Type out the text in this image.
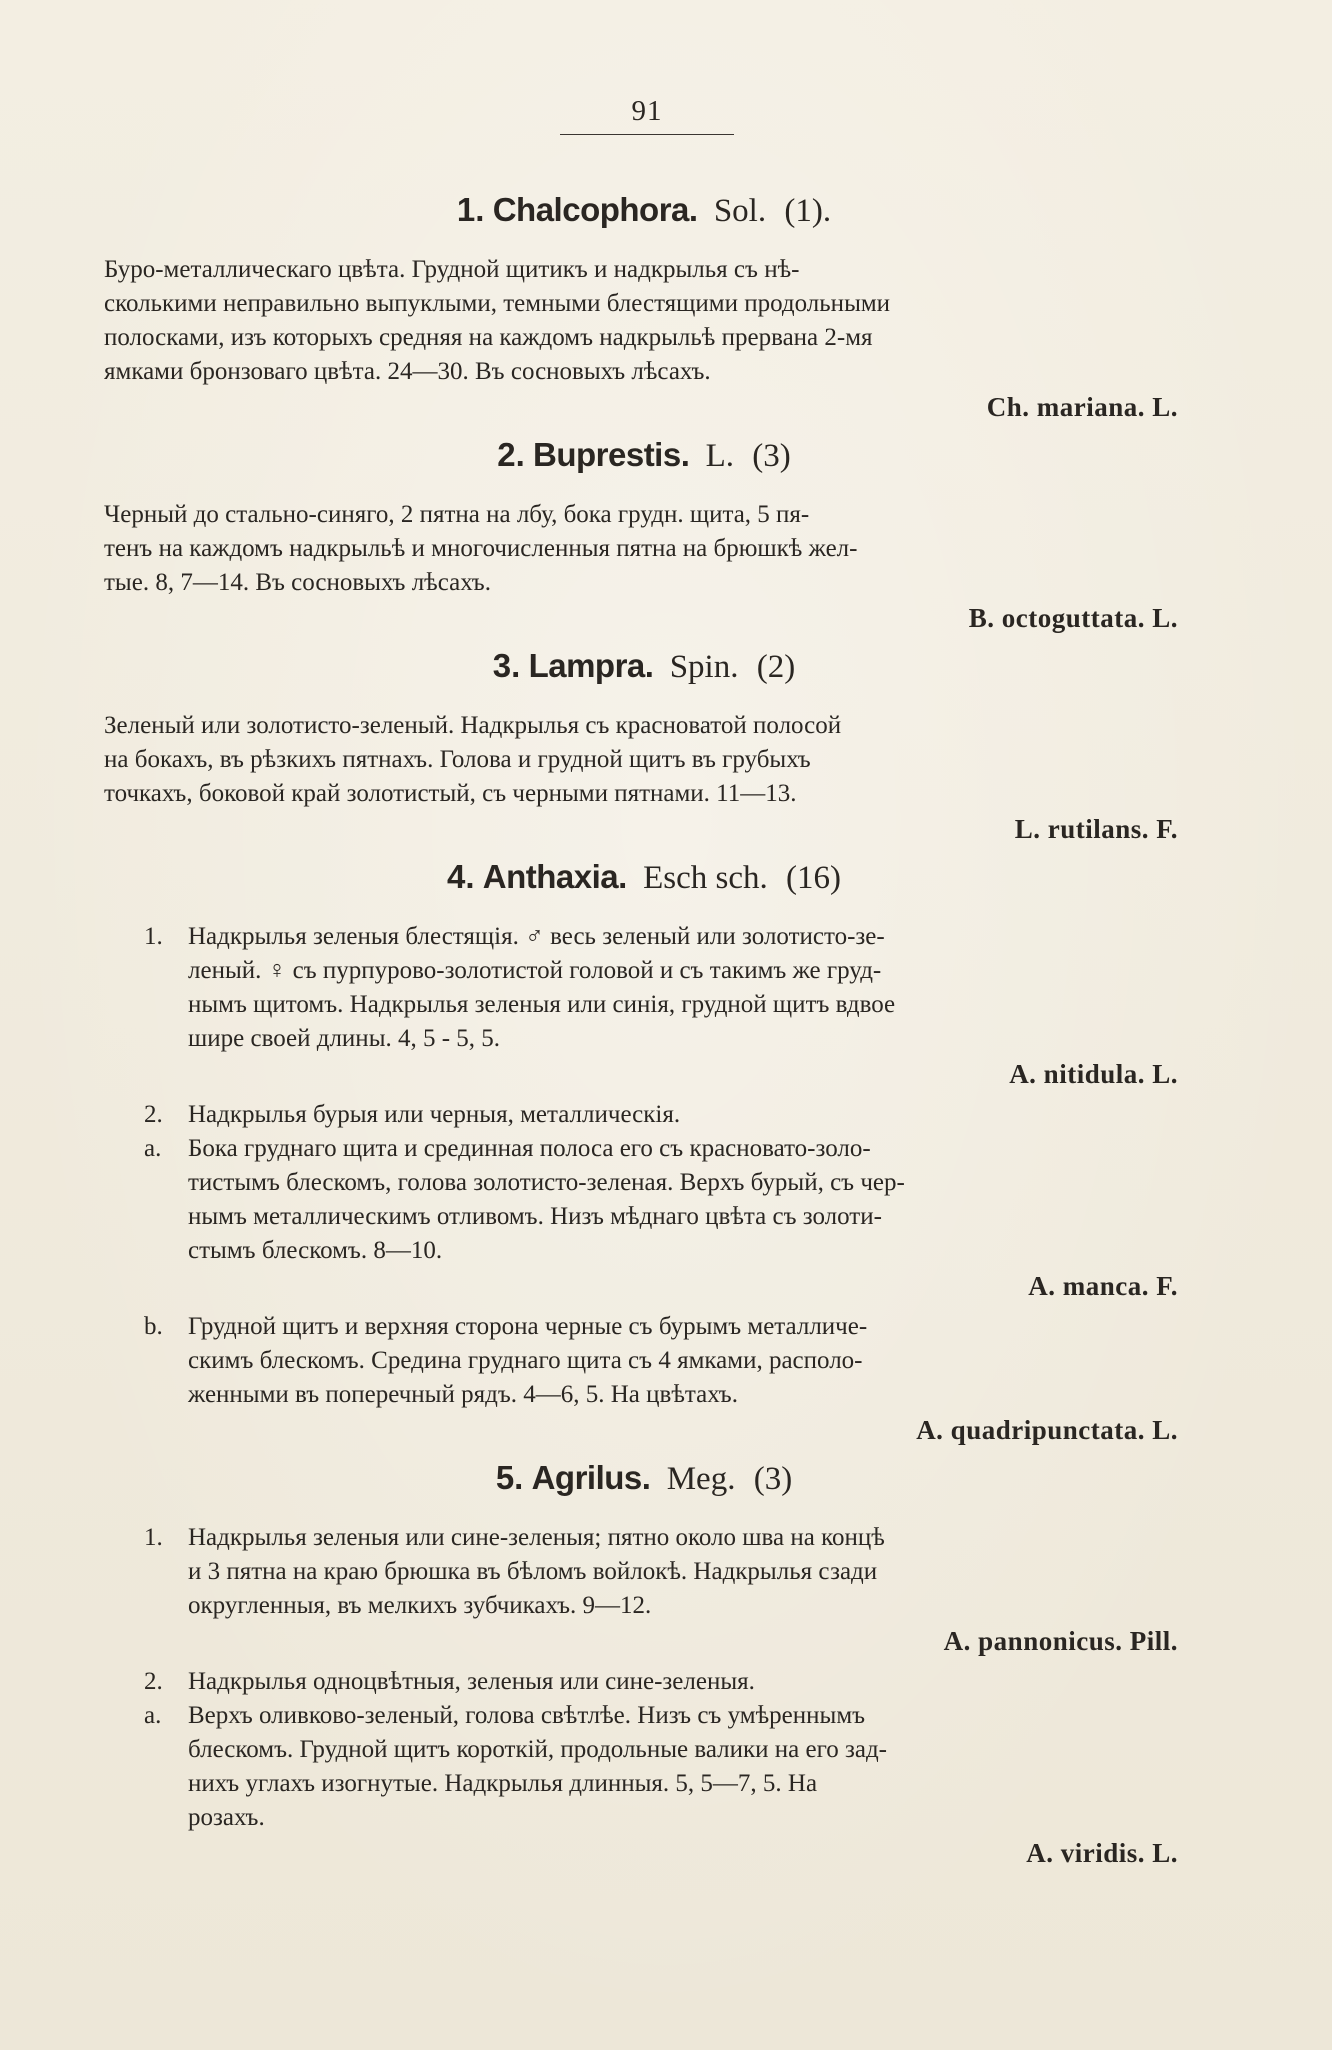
91
1. Chalcophora. Sol. (1).

Буро-металлическаго цвѣта. Грудной щитикъ и надкрылья съ нѣ-
сколькими неправильно выпуклыми, темными блестящими продольными
полосками, изъ которыхъ средняя на каждомъ надкрыльѣ прервана 2-мя
ямками бронзоваго цвѣта. 24—30. Въ сосновыхъ лѣсахъ.

Ch. mariana. L.
2. Buprestis. L. (3)

Черный до стально-синяго, 2 пятна на лбу, бока грудн. щита, 5 пя-
тенъ на каждомъ надкрыльѣ и многочисленныя пятна на брюшкѣ жел-
тые. 8, 7—14. Въ сосновыхъ лѣсахъ.

B. octoguttata. L.
3. Lampra. Spin. (2)

Зеленый или золотисто-зеленый. Надкрылья съ красноватой полосой
на бокахъ, въ рѣзкихъ пятнахъ. Голова и грудной щитъ въ грубыхъ
точкахъ, боковой край золотистый, съ черными пятнами. 11—13.

L. rutilans. F.
4. Anthaxia. Esch sch. (16)
1. Надкрылья зеленыя блестящія. ♂ весь зеленый или золотисто-зе-
леный. ♀ съ пурпурово-золотистой головой и съ такимъ же груд-
нымъ щитомъ. Надкрылья зеленыя или синія, грудной щитъ вдвое
шире своей длины. 4, 5 - 5, 5.

A. nitidula. L.
2. Надкрылья бурыя или черныя, металлическія.

a. Бока груднаго щита и срединная полоса его съ красновато-золо-
тистымъ блескомъ, голова золотисто-зеленая. Верхъ бурый, съ чер-
нымъ металлическимъ отливомъ. Низъ мѣднаго цвѣта съ золоти-
стымъ блескомъ. 8—10.

A. manca. F.
b. Грудной щитъ и верхняя сторона черные съ бурымъ металличе-
скимъ блескомъ. Средина груднаго щита съ 4 ямками, располо-
женными въ поперечный рядъ. 4—6, 5. На цвѣтахъ.

A. quadripunctata. L.
5. Agrilus. Meg. (3)
1. Надкрылья зеленыя или сине-зеленыя; пятно около шва на концѣ
и 3 пятна на краю брюшка въ бѣломъ войлокѣ. Надкрылья сзади
округленныя, въ мелкихъ зубчикахъ. 9—12.

A. pannonicus. Pill.
2. Надкрылья одноцвѣтныя, зеленыя или сине-зеленыя.

a. Верхъ оливково-зеленый, голова свѣтлѣе. Низъ съ умѣреннымъ
блескомъ. Грудной щитъ короткій, продольные валики на его зад-
нихъ углахъ изогнутые. Надкрылья длинныя. 5, 5—7, 5. На
розахъ.

A. viridis. L.
